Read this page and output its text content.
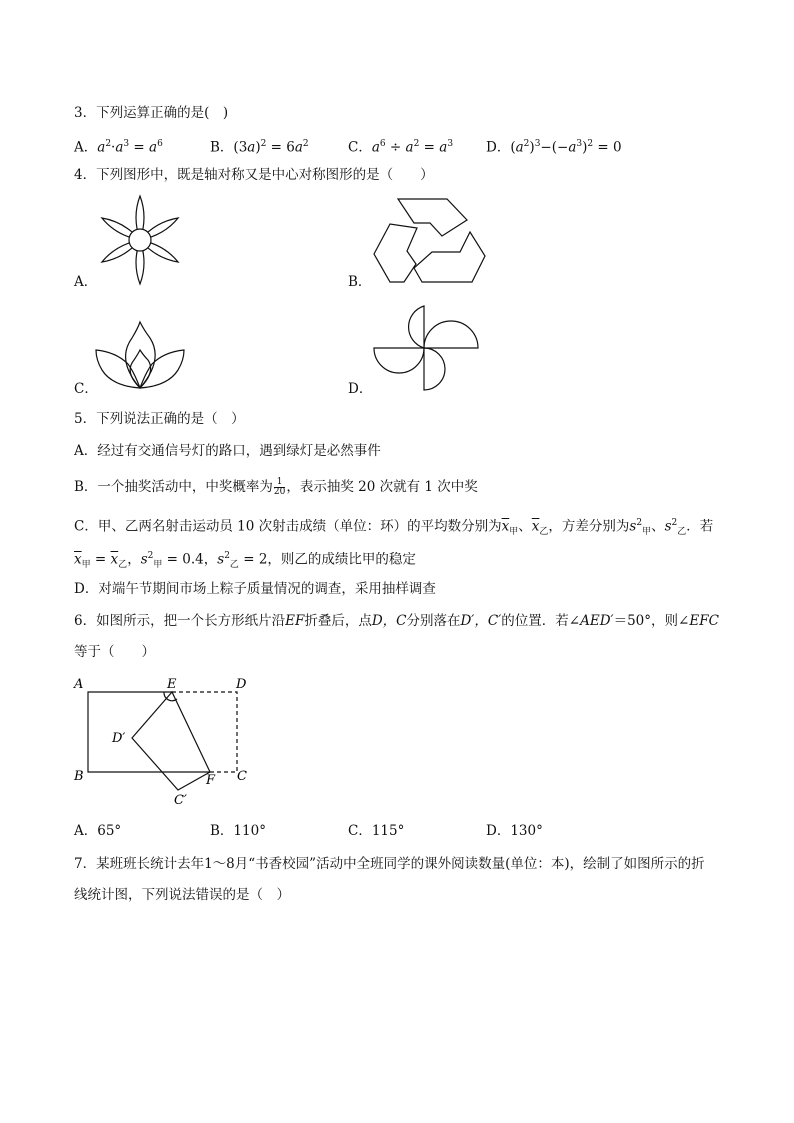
3．下列运算正确的是(　)
A．$a^2\cdot a^3 = a^6$	B．$(3a)^2 = 6a^2$	C．$a^6 \div a^2 = a^3$ D．$(a^2)^3-(-a^3)^2 = 0$
4．下列图形中，既是轴对称又是中心对称图形的是（　　）
A．	B．
C．	D．
5．下列说法正确的是（　）
A．经过有交通信号灯的路口，遇到绿灯是必然事件
B．一个抽奖活动中，中奖概率为 $\frac{1}{20}$ ，表示抽奖 20 次就有 1 次中奖
C．甲、乙两名射击运动员 10 次射击成绩（单位：环）的平均数分别为$\overline{x}_甲$、$\overline{x}_乙$，方差分别为$s^2_甲$、$s^2_乙$．若
$\overline{x}_甲 = \overline{x}_乙$，$s^2_甲 = 0.4$，$s^2_乙 = 2$，则乙的成绩比甲的稳定
D．对端午节期间市场上粽子质量情况的调查，采用抽样调查
6．如图所示，把一个长方形纸片沿EF折叠后，点D，C分别落在D′，C′的位置．若∠AED′＝50°，则∠EFC
等于（　　）
A	E	D
D′
B	F C
C′
A．65°	B．110°	C．115°	D．130°
7．某班班长统计去年1～8月“书香校园”活动中全班同学的课外阅读数量(单位：本)，绘制了如图所示的折
线统计图，下列说法错误的是（　）
